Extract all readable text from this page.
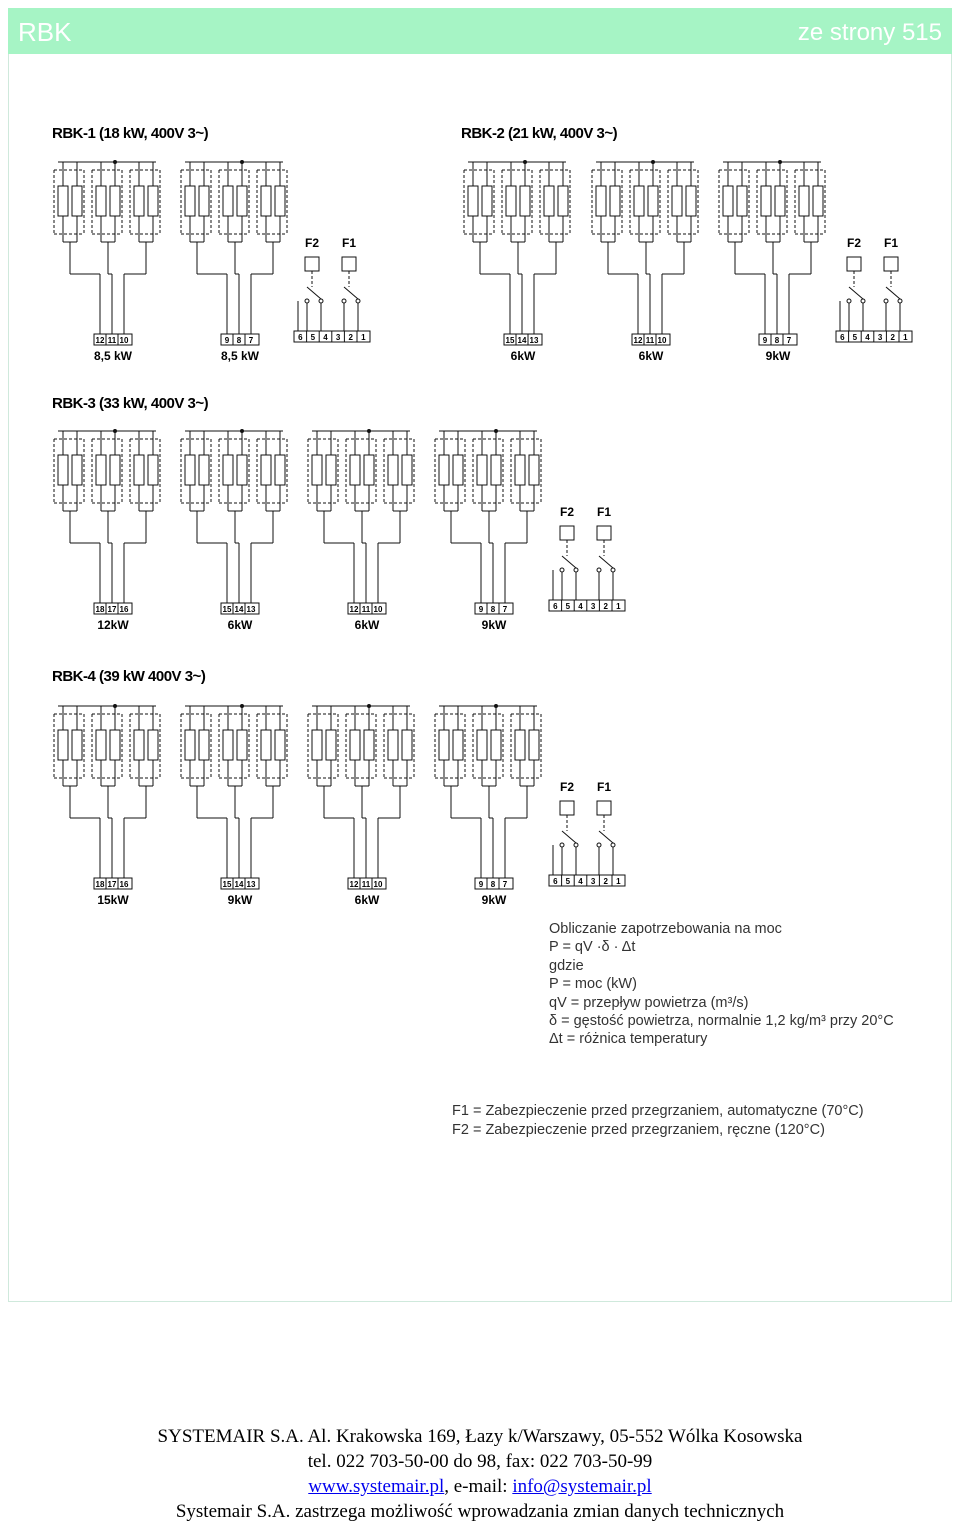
RBK	ze strony 515
RBK-1 (18 kW, 400V 3~)	RBK-2 (21 kW, 400V 3~)
RBK-3 (33 kW, 400V 3~)
RBK-4 (39 kW 400V 3~)
12 11 10
8,5 kW
9 8 7
8,5 kW
F2 F1
6 5 4 3 2 1	15 14 13
6kW
12 11 10
6kW
9 8 7
9kW
F2 F1
6 5 4 3 2 1
18 17 16
12kW
15 14 13
6kW
12 11 10
6kW
9 8 7
9kW
F2 F1
6 5 4 3 2 1
18 17 16
15kW
15 14 13
9kW
12 11 10
6kW
9 8 7
9kW
F2 F1
6 5 4 3 2 1
Obliczanie zapotrzebowania na moc
P = qV ·δ · Δt
gdzie
P = moc (kW)
qV = przepływ powietrza (m³/s)
δ = gęstość powietrza, normalnie 1,2 kg/m³ przy 20°C
Δt = różnica temperatury
F1 = Zabezpieczenie przed przegrzaniem, automatyczne (70°C)
F2 = Zabezpieczenie przed przegrzaniem, ręczne (120°C)
SYSTEMAIR S.A. Al. Krakowska 169, Łazy k/Warszawy, 05-552 Wólka Kosowska
tel. 022 703-50-00 do 98, fax: 022 703-50-99
www.systemair.pl, e-mail: info@systemair.pl
Systemair S.A. zastrzega możliwość wprowadzania zmian danych technicznych
